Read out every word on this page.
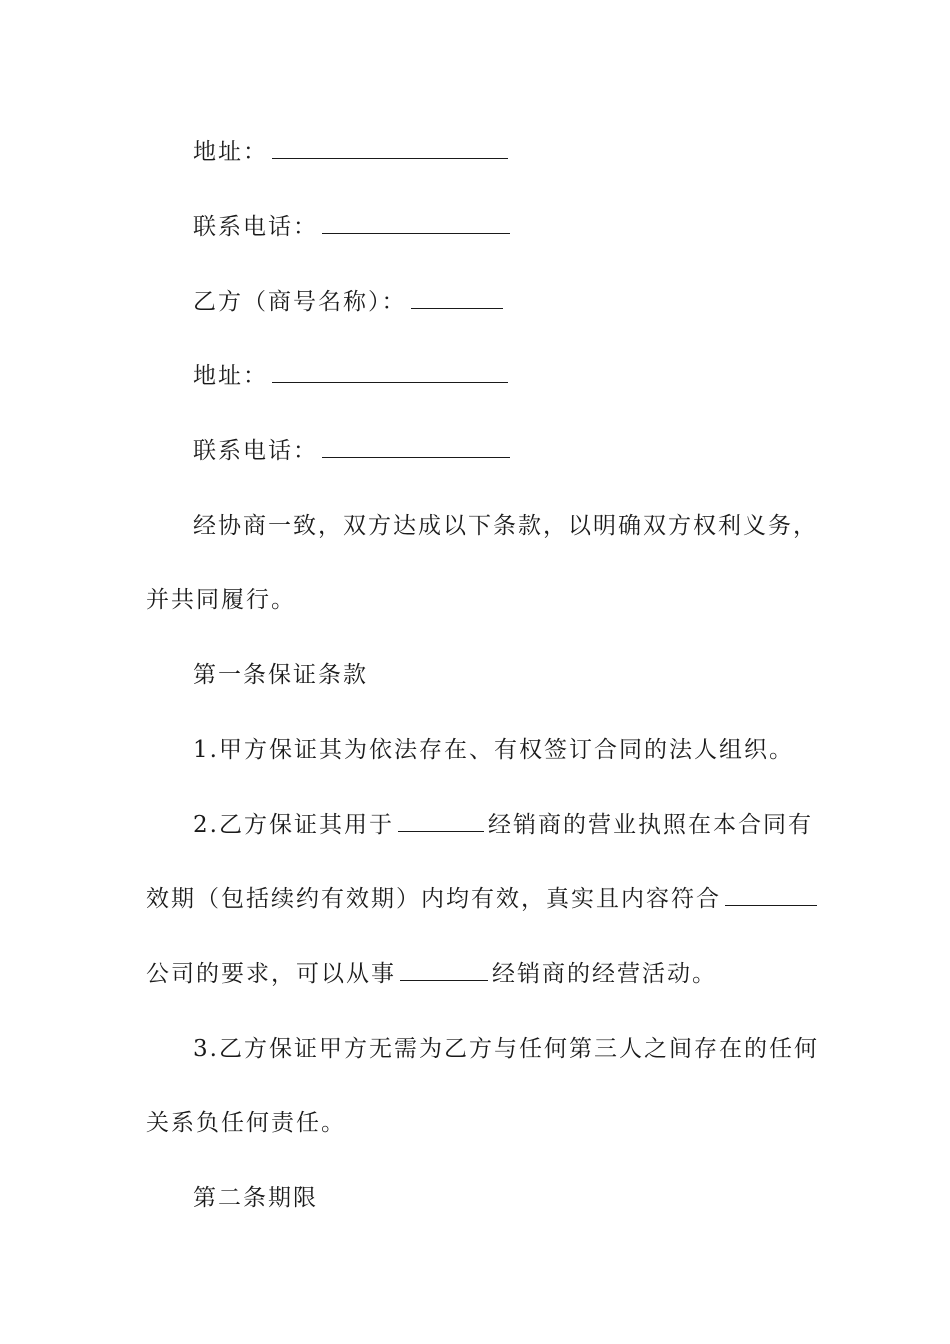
地址：
联系电话：
乙方（商号名称）：
地址：
联系电话：
经协商一致，双方达成以下条款，以明确双方权利义务，
并共同履行。
第一条保证条款
1.甲方保证其为依法存在、有权签订合同的法人组织。
2.乙方保证其用于	经销商的营业执照在本合同有
效期（包括续约有效期）内均有效，真实且内容符合
公司的要求，可以从事	经销商的经营活动。
3.乙方保证甲方无需为乙方与任何第三人之间存在的任何
关系负任何责任。
第二条期限
